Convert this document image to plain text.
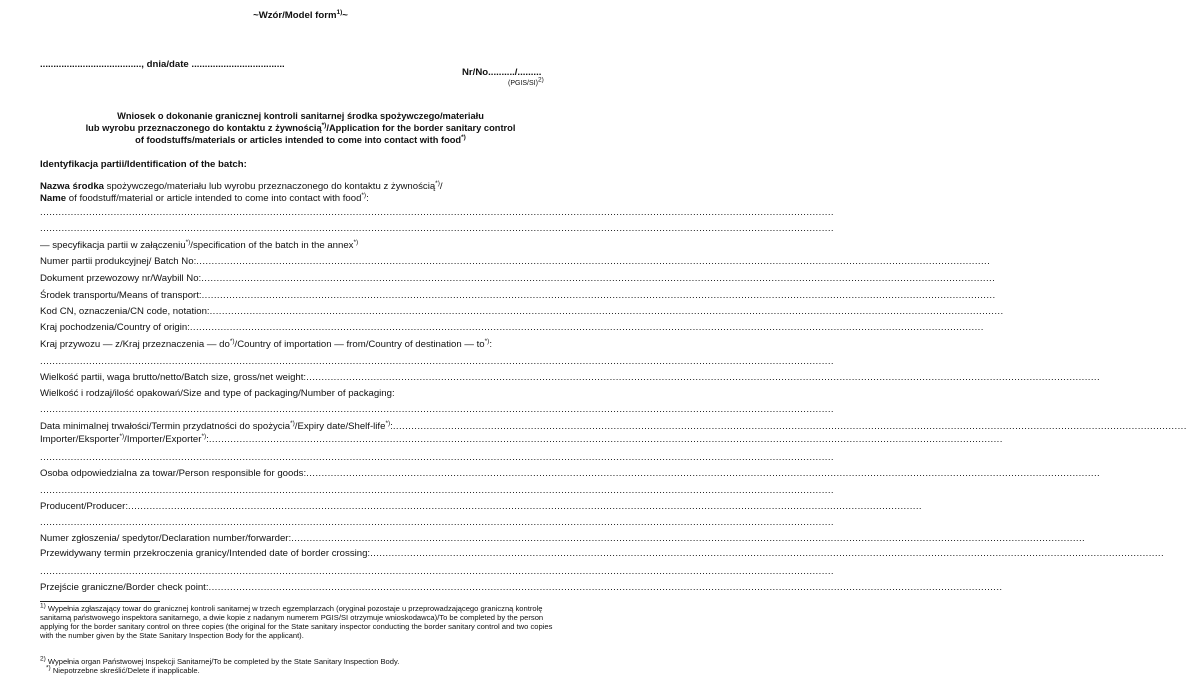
~Wzór/Model form$^{1)}$~
......................................, dnia/date ...................................
Nr/No........../.........
(PGIS/SI)2)
Wniosek o dokonanie granicznej kontroli sanitarnej środka spożywczego/materiału
lub wyrobu przeznaczonego do kontaktu z żywnością*)/Application for the border sanitary control
of foodstuffs/materials or articles intended to come into contact with food*)
Identyfikacja partii/Identification of the batch:
Nazwa środka spożywczego/materiału lub wyrobu przeznaczonego do kontaktu z żywnością*)/
Name of foodstuff/material or article intended to come into contact with food*):
...................................................................................................................................................................................................................................................................
...................................................................................................................................................................................................................................................................
— specyfikacja partii w załączeniu*)/specification of the batch in the annex*)
Numer partii produkcyjnej/ Batch No: ...................................................................................................................................................................................................................................................................
Dokument przewozowy nr/Waybill No: ...................................................................................................................................................................................................................................................................
Środek transportu/Means of transport: ...................................................................................................................................................................................................................................................................
Kod CN, oznaczenia/CN code, notation: ...................................................................................................................................................................................................................................................................
Kraj pochodzenia/Country of origin: ...................................................................................................................................................................................................................................................................
Kraj przywozu — z/Kraj przeznaczenia — do*)/Country of importation — from/Country of destination — to*):
...................................................................................................................................................................................................................................................................
Wielkość partii, waga brutto/netto/Batch size, gross/net weight: ...................................................................................................................................................................................................................................................................
Wielkość i rodzaj/ilość opakowań/Size and type of packaging/Number of packaging:
...................................................................................................................................................................................................................................................................
Data minimalnej trwałości/Termin przydatności do spożycia*)/Expiry date/Shelf-life*): ...................................................................................................................................................................................................................................................................
Importer/Eksporter*)/Importer/Exporter*): ...................................................................................................................................................................................................................................................................
...................................................................................................................................................................................................................................................................
Osoba odpowiedzialna za towar/Person responsible for goods: ...................................................................................................................................................................................................................................................................
...................................................................................................................................................................................................................................................................
Producent/Producer: ...................................................................................................................................................................................................................................................................
...................................................................................................................................................................................................................................................................
Numer zgłoszenia/ spedytor/Declaration number/forwarder: ...................................................................................................................................................................................................................................................................
Przewidywany termin przekroczenia granicy/Intended date of border crossing: ...................................................................................................................................................................................................................................................................
...................................................................................................................................................................................................................................................................
Przejście graniczne/Border check point: ...................................................................................................................................................................................................................................................................
1) Wypełnia zgłaszający towar do granicznej kontroli sanitarnej w trzech egzemplarzach (oryginał pozostaje u przeprowadzającego graniczną kontrolę sanitarną państwowego inspektora sanitarnego, a dwie kopie z nadanym numerem PGIS/SI otrzymuje wnioskodawca)/To be completed by the person applying for the border sanitary control on three copies (the original for the State sanitary inspector conducting the border sanitary control and two copies with the number given by the State Sanitary Inspection Body for the applicant).
2) Wypełnia organ Państwowej Inspekcji Sanitarnej/To be completed by the State Sanitary Inspection Body.
*) Niepotrzebne skreślić/Delete if inapplicable.
